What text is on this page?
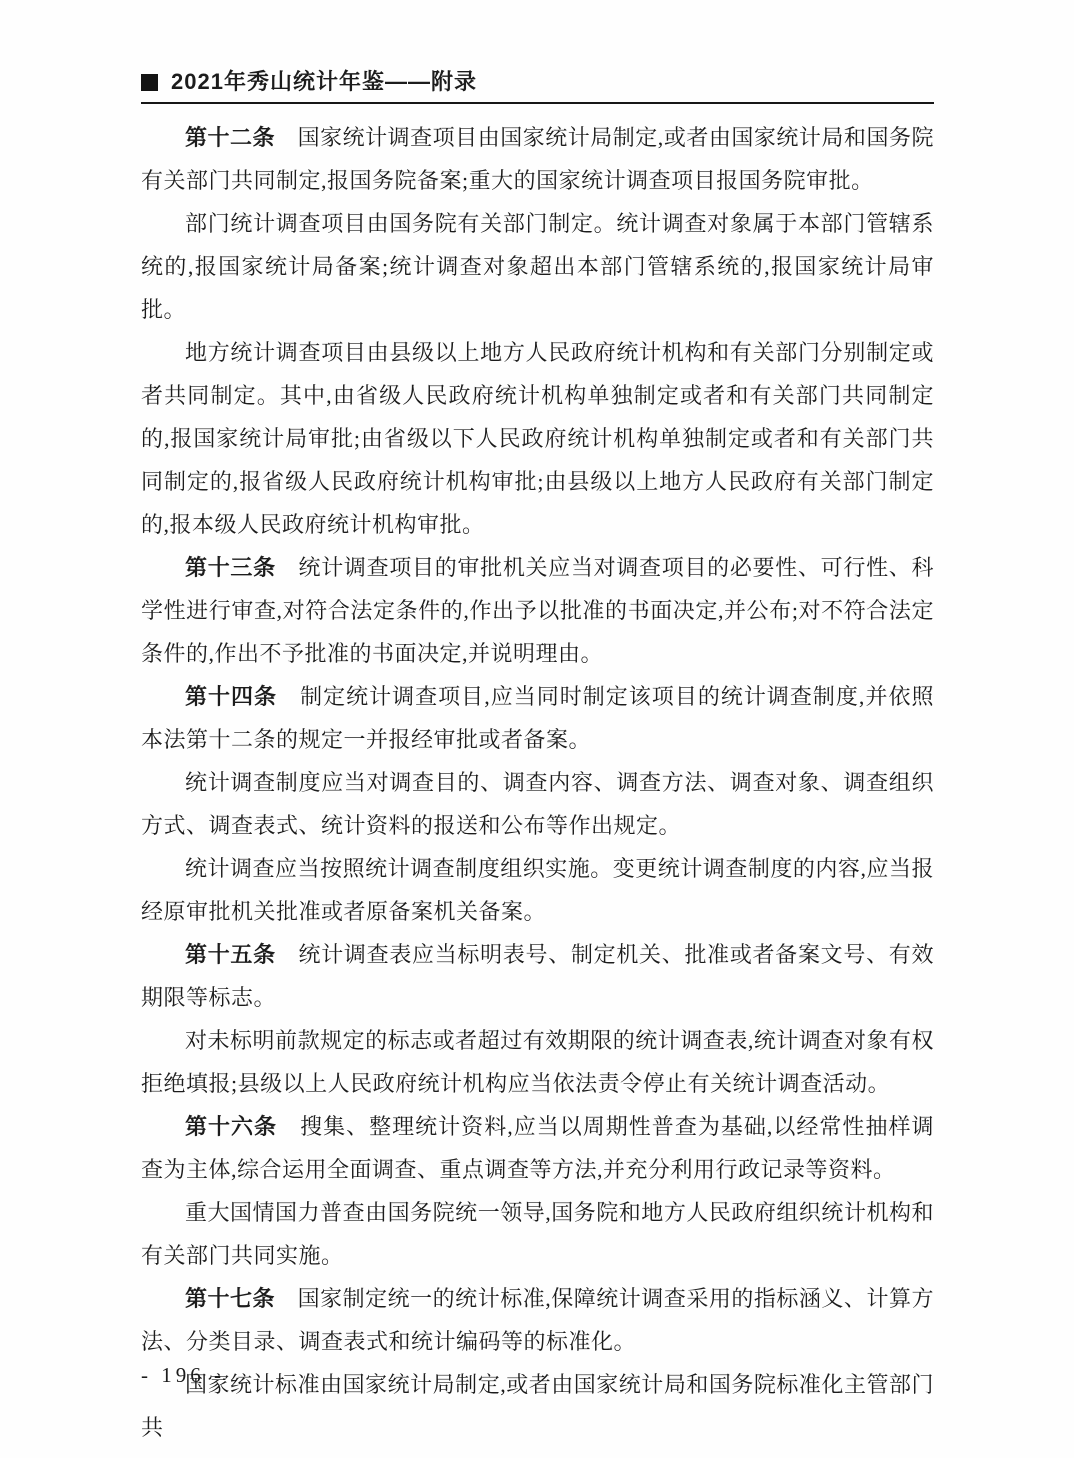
2021年秀山统计年鉴——附录

第十二条 国家统计调查项目由国家统计局制定,或者由国家统计局和国务院有关部门共同制定,报国务院备案;重大的国家统计调查项目报国务院审批。

部门统计调查项目由国务院有关部门制定。统计调查对象属于本部门管辖系统的,报国家统计局备案;统计调查对象超出本部门管辖系统的,报国家统计局审批。

地方统计调查项目由县级以上地方人民政府统计机构和有关部门分别制定或者共同制定。其中,由省级人民政府统计机构单独制定或者和有关部门共同制定的,报国家统计局审批;由省级以下人民政府统计机构单独制定或者和有关部门共同制定的,报省级人民政府统计机构审批;由县级以上地方人民政府有关部门制定的,报本级人民政府统计机构审批。

第十三条 统计调查项目的审批机关应当对调查项目的必要性、可行性、科学性进行审查,对符合法定条件的,作出予以批准的书面决定,并公布;对不符合法定条件的,作出不予批准的书面决定,并说明理由。

第十四条 制定统计调查项目,应当同时制定该项目的统计调查制度,并依照本法第十二条的规定一并报经审批或者备案。

统计调查制度应当对调查目的、调查内容、调查方法、调查对象、调查组织方式、调查表式、统计资料的报送和公布等作出规定。

统计调查应当按照统计调查制度组织实施。变更统计调查制度的内容,应当报经原审批机关批准或者原备案机关备案。

第十五条 统计调查表应当标明表号、制定机关、批准或者备案文号、有效期限等标志。

对未标明前款规定的标志或者超过有效期限的统计调查表,统计调查对象有权拒绝填报;县级以上人民政府统计机构应当依法责令停止有关统计调查活动。

第十六条 搜集、整理统计资料,应当以周期性普查为基础,以经常性抽样调查为主体,综合运用全面调查、重点调查等方法,并充分利用行政记录等资料。

重大国情国力普查由国务院统一领导,国务院和地方人民政府组织统计机构和有关部门共同实施。

第十七条 国家制定统一的统计标准,保障统计调查采用的指标涵义、计算方法、分类目录、调查表式和统计编码等的标准化。

国家统计标准由国家统计局制定,或者由国家统计局和国务院标准化主管部门共

- 196 -
